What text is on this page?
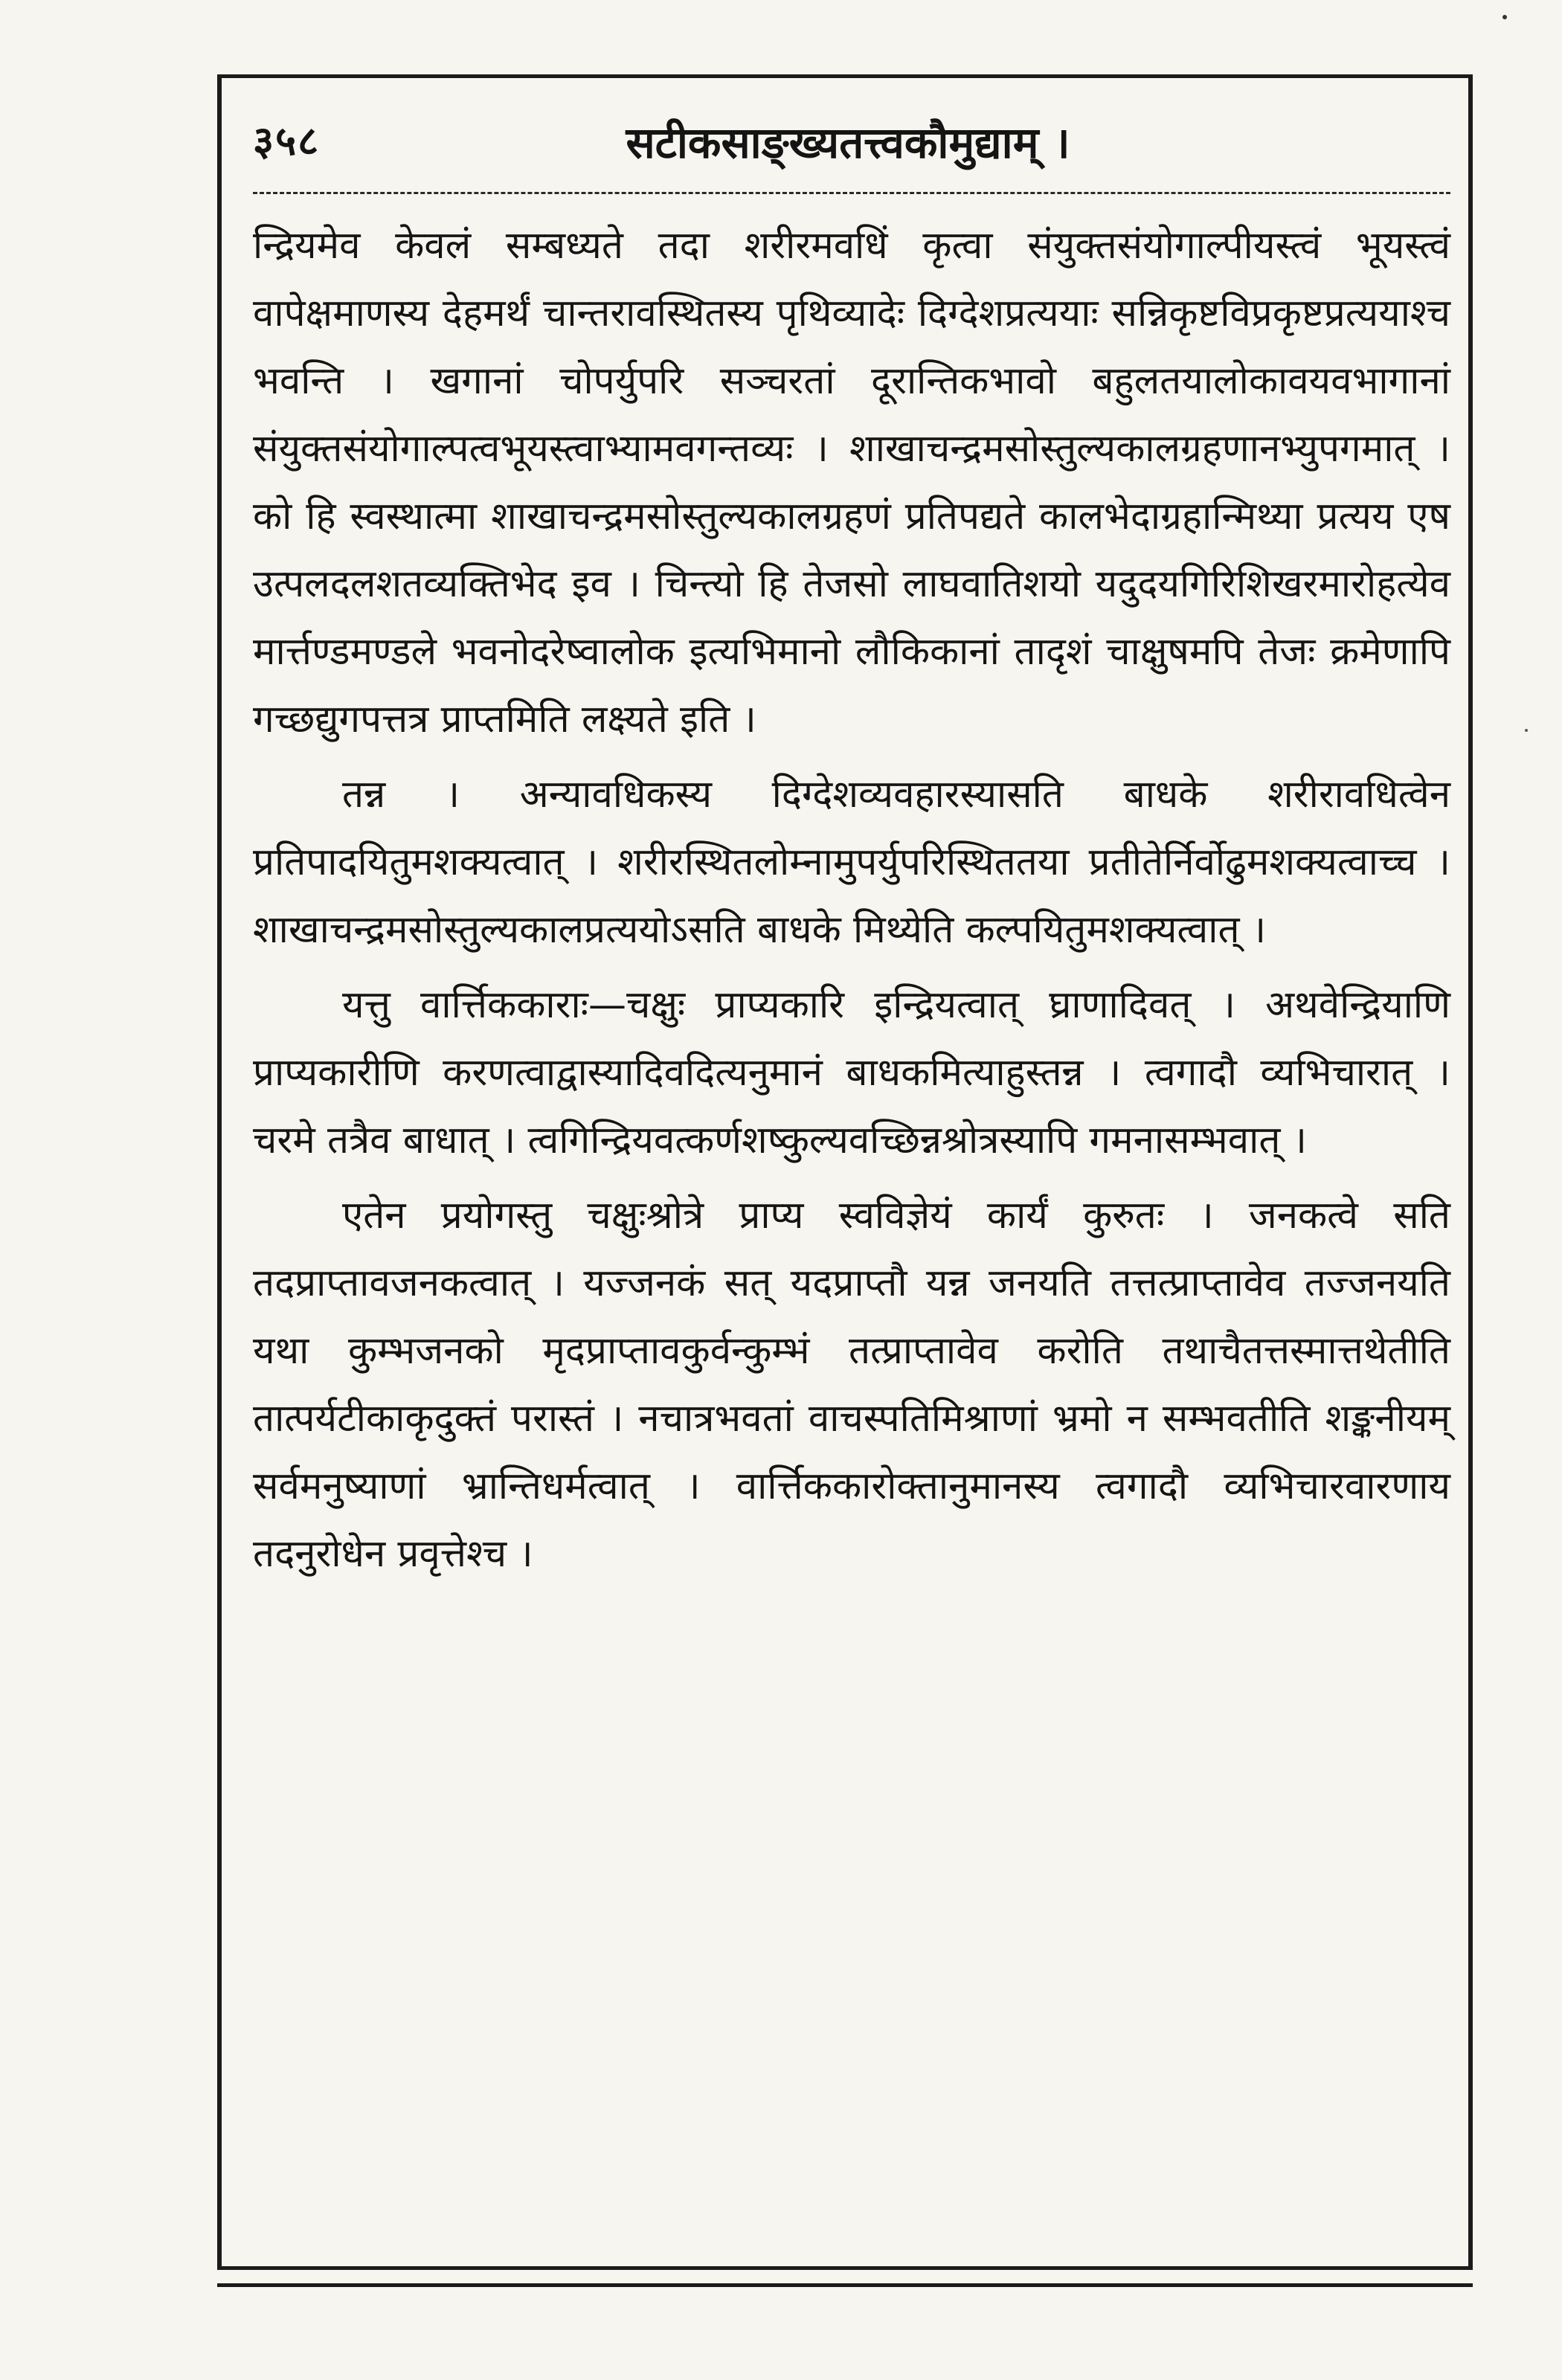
३५८	सटीकसाङ्ख्यतत्त्वकौमुद्याम् ।

न्द्रियमेव केवलं सम्बध्यते तदा शरीरमवधिं कृत्वा संयुक्तसंयोगाल्पीयस्त्वं भूयस्त्वं वापेक्षमाणस्य देहमर्थं चान्तरावस्थितस्य पृथिव्यादेः दिग्देशप्रत्ययाः सन्निकृष्टविप्रकृष्टप्रत्ययाश्च भवन्ति । खगानां चोपर्युपरि सञ्चरतां दूरान्तिकभावो बहुलतयालोकावयवभागानां संयुक्तसंयोगाल्पत्वभूयस्त्वाभ्यामवगन्तव्यः । शाखाचन्द्रमसोस्तुल्यकालग्रहणानभ्युपगमात् । को हि स्वस्थात्मा शाखाचन्द्रमसोस्तुल्यकालग्रहणं प्रतिपद्यते कालभेदाग्रहान्मिथ्या प्रत्यय एष उत्पलदलशतव्यक्तिभेद इव । चिन्त्यो हि तेजसो लाघवातिशयो यदुदयगिरिशिखरमारोहत्येव मार्त्तण्डमण्डले भवनोदरेष्वालोक इत्यभिमानो लौकिकानां तादृशं चाक्षुषमपि तेजः क्रमेणापि गच्छद्युगपत्तत्र प्राप्तमिति लक्ष्यते इति ।

तन्न । अन्यावधिकस्य दिग्देशव्यवहारस्यासति बाधके शरीरावधित्वेन प्रतिपादयितुमशक्यत्वात् । शरीरस्थितलोम्नामुपर्युपरिस्थिततया प्रतीतेर्निर्वोढुमशक्यत्वाच्च । शाखाचन्द्रमसोस्तुल्यकालप्रत्ययोऽसति बाधके मिथ्येति कल्पयितुमशक्यत्वात् ।

यत्तु वार्त्तिककाराः—चक्षुः प्राप्यकारि इन्द्रियत्वात् घ्राणादिवत् । अथवेन्द्रियाणि प्राप्यकारीणि करणत्वाद्वास्यादिवदित्यनुमानं बाधकमित्याहुस्तन्न । त्वगादौ व्यभिचारात् । चरमे तत्रैव बाधात् । त्वगिन्द्रियवत्कर्णशष्कुल्यवच्छिन्नश्रोत्रस्यापि गमनासम्भवात् ।

एतेन प्रयोगस्तु चक्षुःश्रोत्रे प्राप्य स्वविज्ञेयं कार्यं कुरुतः । जनकत्वे सति तदप्राप्तावजनकत्वात् । यज्जनकं सत् यदप्राप्तौ यन्न जनयति तत्तत्प्राप्तावेव तज्जनयति यथा कुम्भजनको मृदप्राप्तावकुर्वन्कुम्भं तत्प्राप्तावेव करोति तथाचैतत्तस्मात्तथेतीति तात्पर्यटीकाकृदुक्तं परास्तं । नचात्रभवतां वाचस्पतिमिश्राणां भ्रमो न सम्भवतीति शङ्कनीयम् सर्वमनुष्याणां भ्रान्तिधर्मत्वात् । वार्त्तिककारोक्तानुमानस्य त्वगादौ व्यभिचारवारणाय तदनुरोधेन प्रवृत्तेश्च ।
